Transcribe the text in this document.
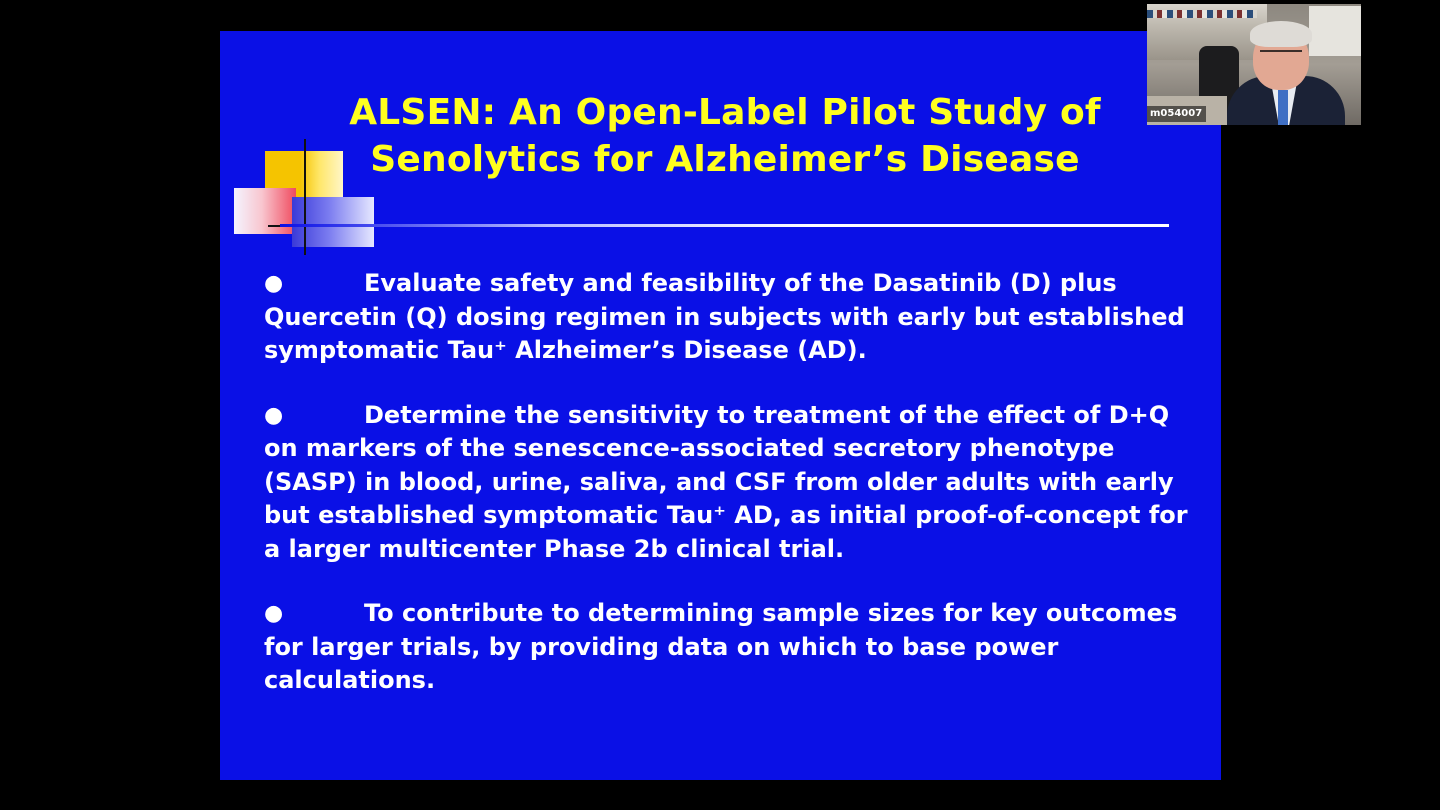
ALSEN: An Open-Label Pilot Study of
Senolytics for Alzheimer’s Disease
●	Evaluate safety and feasibility of the Dasatinib (D) plus Quercetin (Q) dosing regimen in subjects with early but established symptomatic Tau⁺ Alzheimer’s Disease (AD).
●	Determine the sensitivity to treatment of the effect of D+Q on markers of the senescence-associated secretory phenotype (SASP) in blood, urine, saliva, and CSF from older adults with early but established symptomatic Tau⁺ AD, as initial proof-of-concept for a larger multicenter Phase 2b clinical trial.
●	To contribute to determining sample sizes for key outcomes for larger trials, by providing data on which to base power calculations.
m054007
